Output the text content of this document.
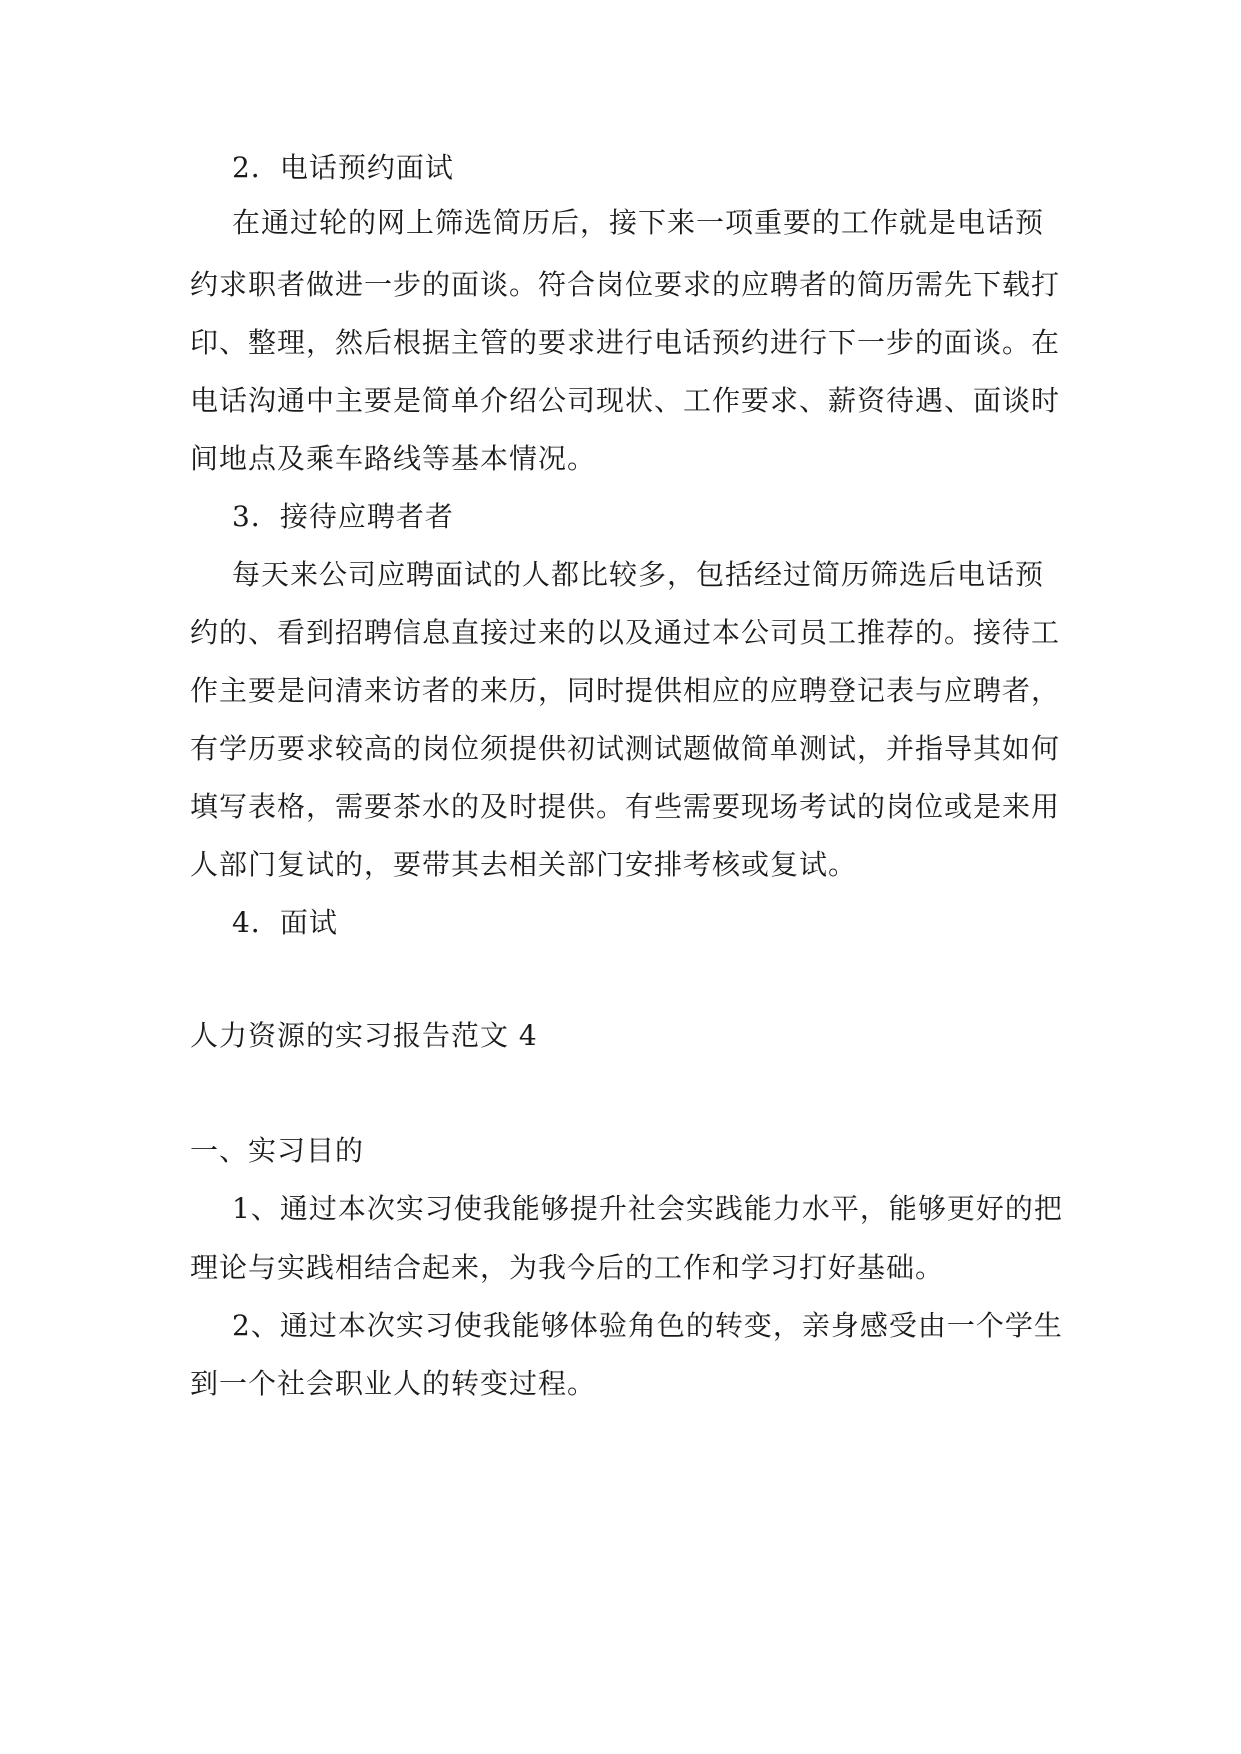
2．电话预约面试
在通过轮的网上筛选简历后，接下来一项重要的工作就是电话预
约求职者做进一步的面谈。符合岗位要求的应聘者的简历需先下载打
印、整理，然后根据主管的要求进行电话预约进行下一步的面谈。在
电话沟通中主要是简单介绍公司现状、工作要求、薪资待遇、面谈时
间地点及乘车路线等基本情况。
3．接待应聘者者
每天来公司应聘面试的人都比较多，包括经过简历筛选后电话预
约的、看到招聘信息直接过来的以及通过本公司员工推荐的。接待工
作主要是问清来访者的来历，同时提供相应的应聘登记表与应聘者，
有学历要求较高的岗位须提供初试测试题做简单测试，并指导其如何
填写表格，需要茶水的及时提供。有些需要现场考试的岗位或是来用
人部门复试的，要带其去相关部门安排考核或复试。
4．面试
人力资源的实习报告范文 4
一、实习目的
1、通过本次实习使我能够提升社会实践能力水平，能够更好的把
理论与实践相结合起来，为我今后的工作和学习打好基础。
2、通过本次实习使我能够体验角色的转变，亲身感受由一个学生
到一个社会职业人的转变过程。
